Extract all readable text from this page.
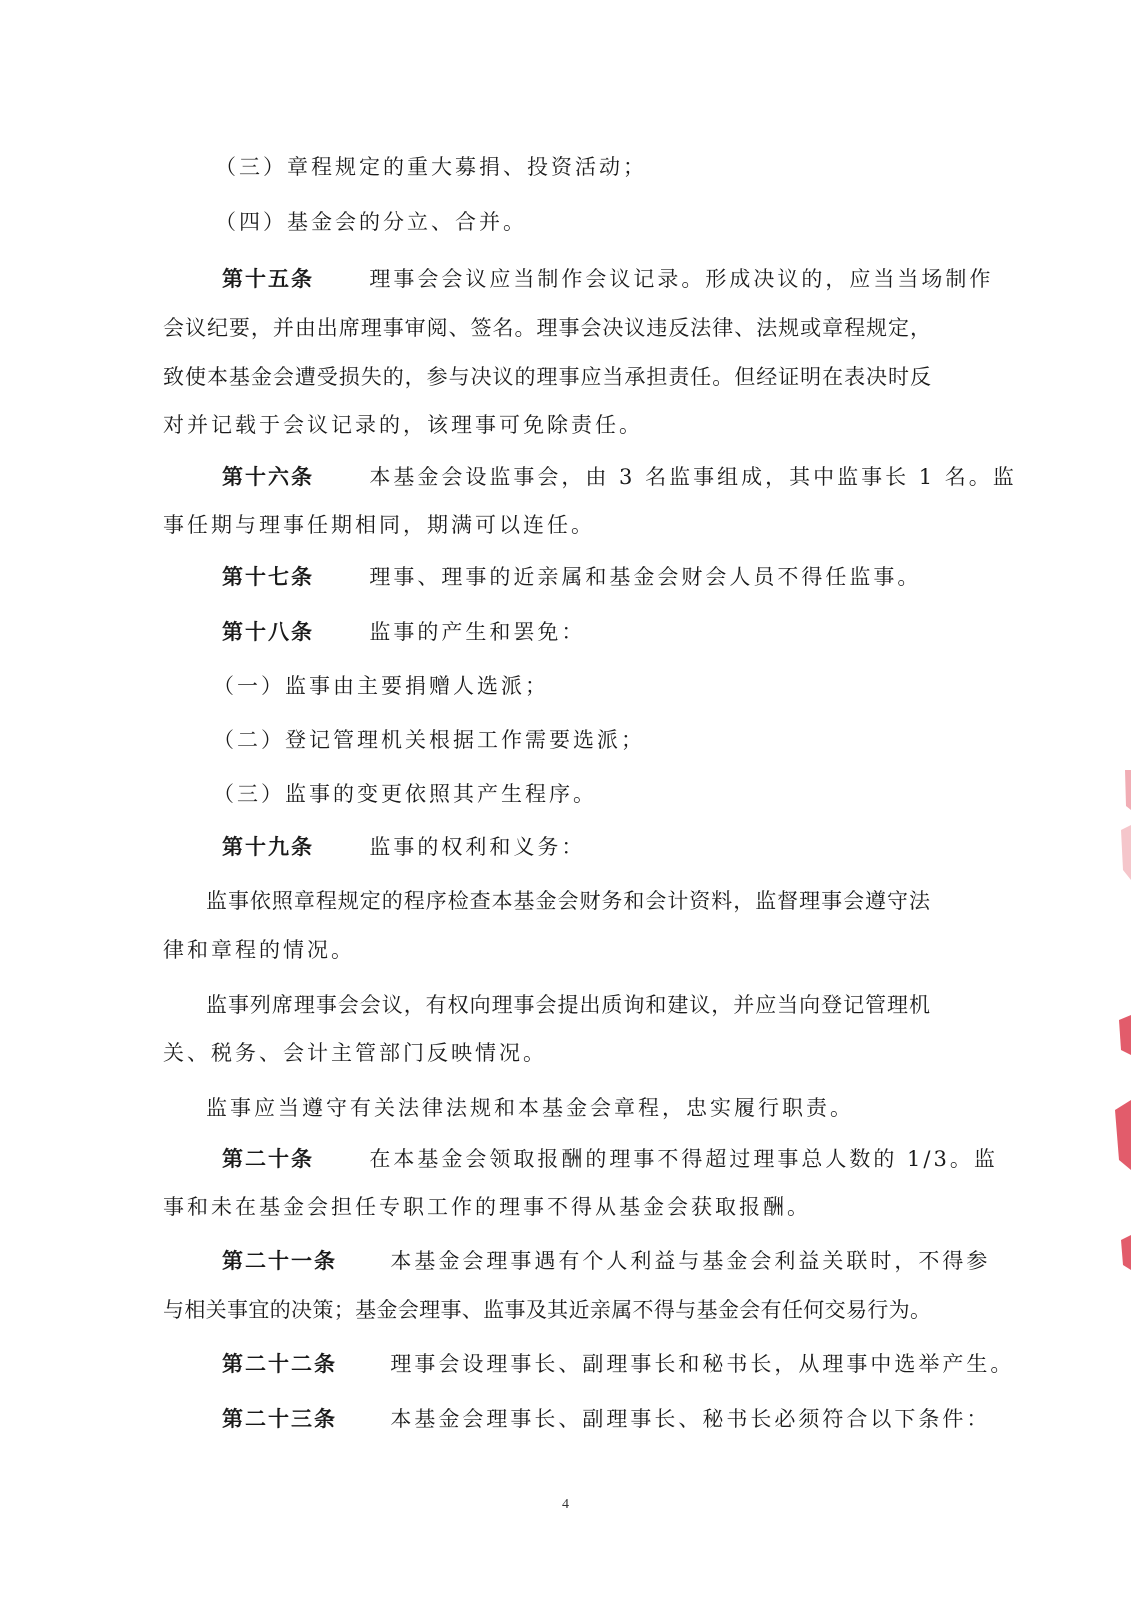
（三）章程规定的重大募捐、投资活动；
（四）基金会的分立、合并。
第十五条	理事会会议应当制作会议记录。形成决议的，应当当场制作
会议纪要，并由出席理事审阅、签名。理事会决议违反法律、法规或章程规定，
致使本基金会遭受损失的，参与决议的理事应当承担责任。但经证明在表决时反
对并记载于会议记录的，该理事可免除责任。
第十六条	本基金会设监事会，由 3 名监事组成，其中监事长 1 名。监
事任期与理事任期相同，期满可以连任。
第十七条	理事、理事的近亲属和基金会财会人员不得任监事。
第十八条	监事的产生和罢免：
（一）监事由主要捐赠人选派；
（二）登记管理机关根据工作需要选派；
（三）监事的变更依照其产生程序。
第十九条	监事的权利和义务：
监事依照章程规定的程序检查本基金会财务和会计资料，监督理事会遵守法
律和章程的情况。
监事列席理事会会议，有权向理事会提出质询和建议，并应当向登记管理机
关、税务、会计主管部门反映情况。
监事应当遵守有关法律法规和本基金会章程，忠实履行职责。
第二十条	在本基金会领取报酬的理事不得超过理事总人数的 1/3。监
事和未在基金会担任专职工作的理事不得从基金会获取报酬。
第二十一条	本基金会理事遇有个人利益与基金会利益关联时，不得参
与相关事宜的决策；基金会理事、监事及其近亲属不得与基金会有任何交易行为。
第二十二条	理事会设理事长、副理事长和秘书长，从理事中选举产生。
第二十三条	本基金会理事长、副理事长、秘书长必须符合以下条件：
4
